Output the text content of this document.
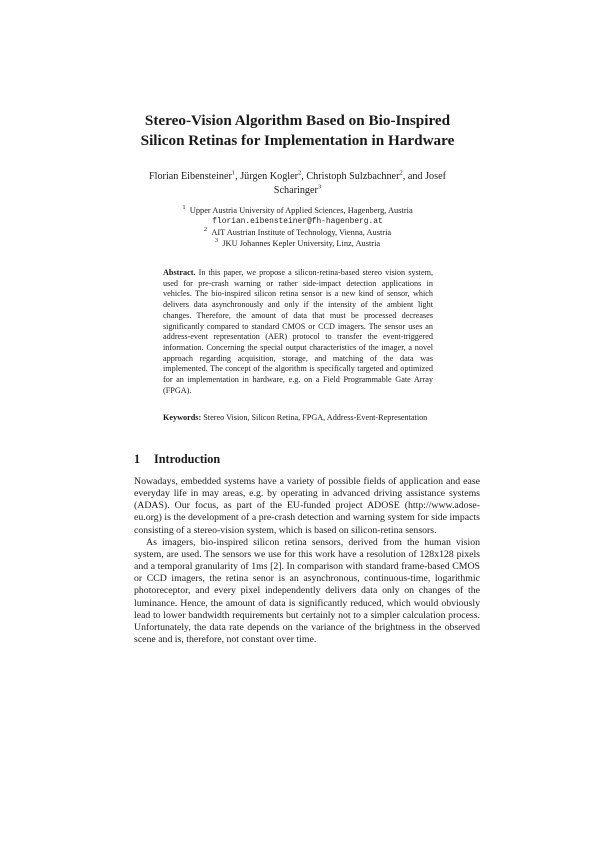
Stereo-Vision Algorithm Based on Bio-Inspired
Silicon Retinas for Implementation in Hardware
Florian Eibensteiner$^1$, Jürgen Kogler$^2$, Christoph Sulzbachner$^2$, and Josef Scharinger$^3$
$^1$ Upper Austria University of Applied Sciences, Hagenberg, Austria
florian.eibensteiner@fh-hagenberg.at
$^2$ AIT Austrian Institute of Technology, Vienna, Austria
$^3$ JKU Johannes Kepler University, Linz, Austria
Abstract. In this paper, we propose a silicon-retina-based stereo vision system, used for pre-crash warning or rather side-impact detection applications in vehicles. The bio-inspired silicon retina sensor is a new kind of sensor, which delivers data asynchronously and only if the intensity of the ambient light changes. Therefore, the amount of data that must be processed decreases significantly compared to standard CMOS or CCD imagers. The sensor uses an address-event representation (AER) protocol to transfer the event-triggered information. Concerning the special output characteristics of the imager, a novel approach regarding acquisition, storage, and matching of the data was implemented. The concept of the algorithm is specifically targeted and optimized for an implementation in hardware, e.g. on a Field Programmable Gate Array (FPGA).
Keywords: Stereo Vision, Silicon Retina, FPGA, Address-Event-Representation
1 Introduction

Nowadays, embedded systems have a variety of possible fields of application and ease everyday life in may areas, e.g. by operating in advanced driving assistance systems (ADAS). Our focus, as part of the EU-funded project ADOSE (http://www.adose-eu.org) is the development of a pre-crash detection and warning system for side impacts consisting of a stereo-vision system, which is based on silicon-retina sensors.

As imagers, bio-inspired silicon retina sensors, derived from the human vision system, are used. The sensors we use for this work have a resolution of 128x128 pixels and a temporal granularity of 1ms [2]. In comparison with standard frame-based CMOS or CCD imagers, the retina senor is an asynchronous, continuous-time, logarithmic photoreceptor, and every pixel independently delivers data only on changes of the luminance. Hence, the amount of data is significantly reduced, which would obviously lead to lower bandwidth requirements but certainly not to a simpler calculation process. Unfortunately, the data rate depends on the variance of the brightness in the observed scene and is, therefore, not constant over time.
